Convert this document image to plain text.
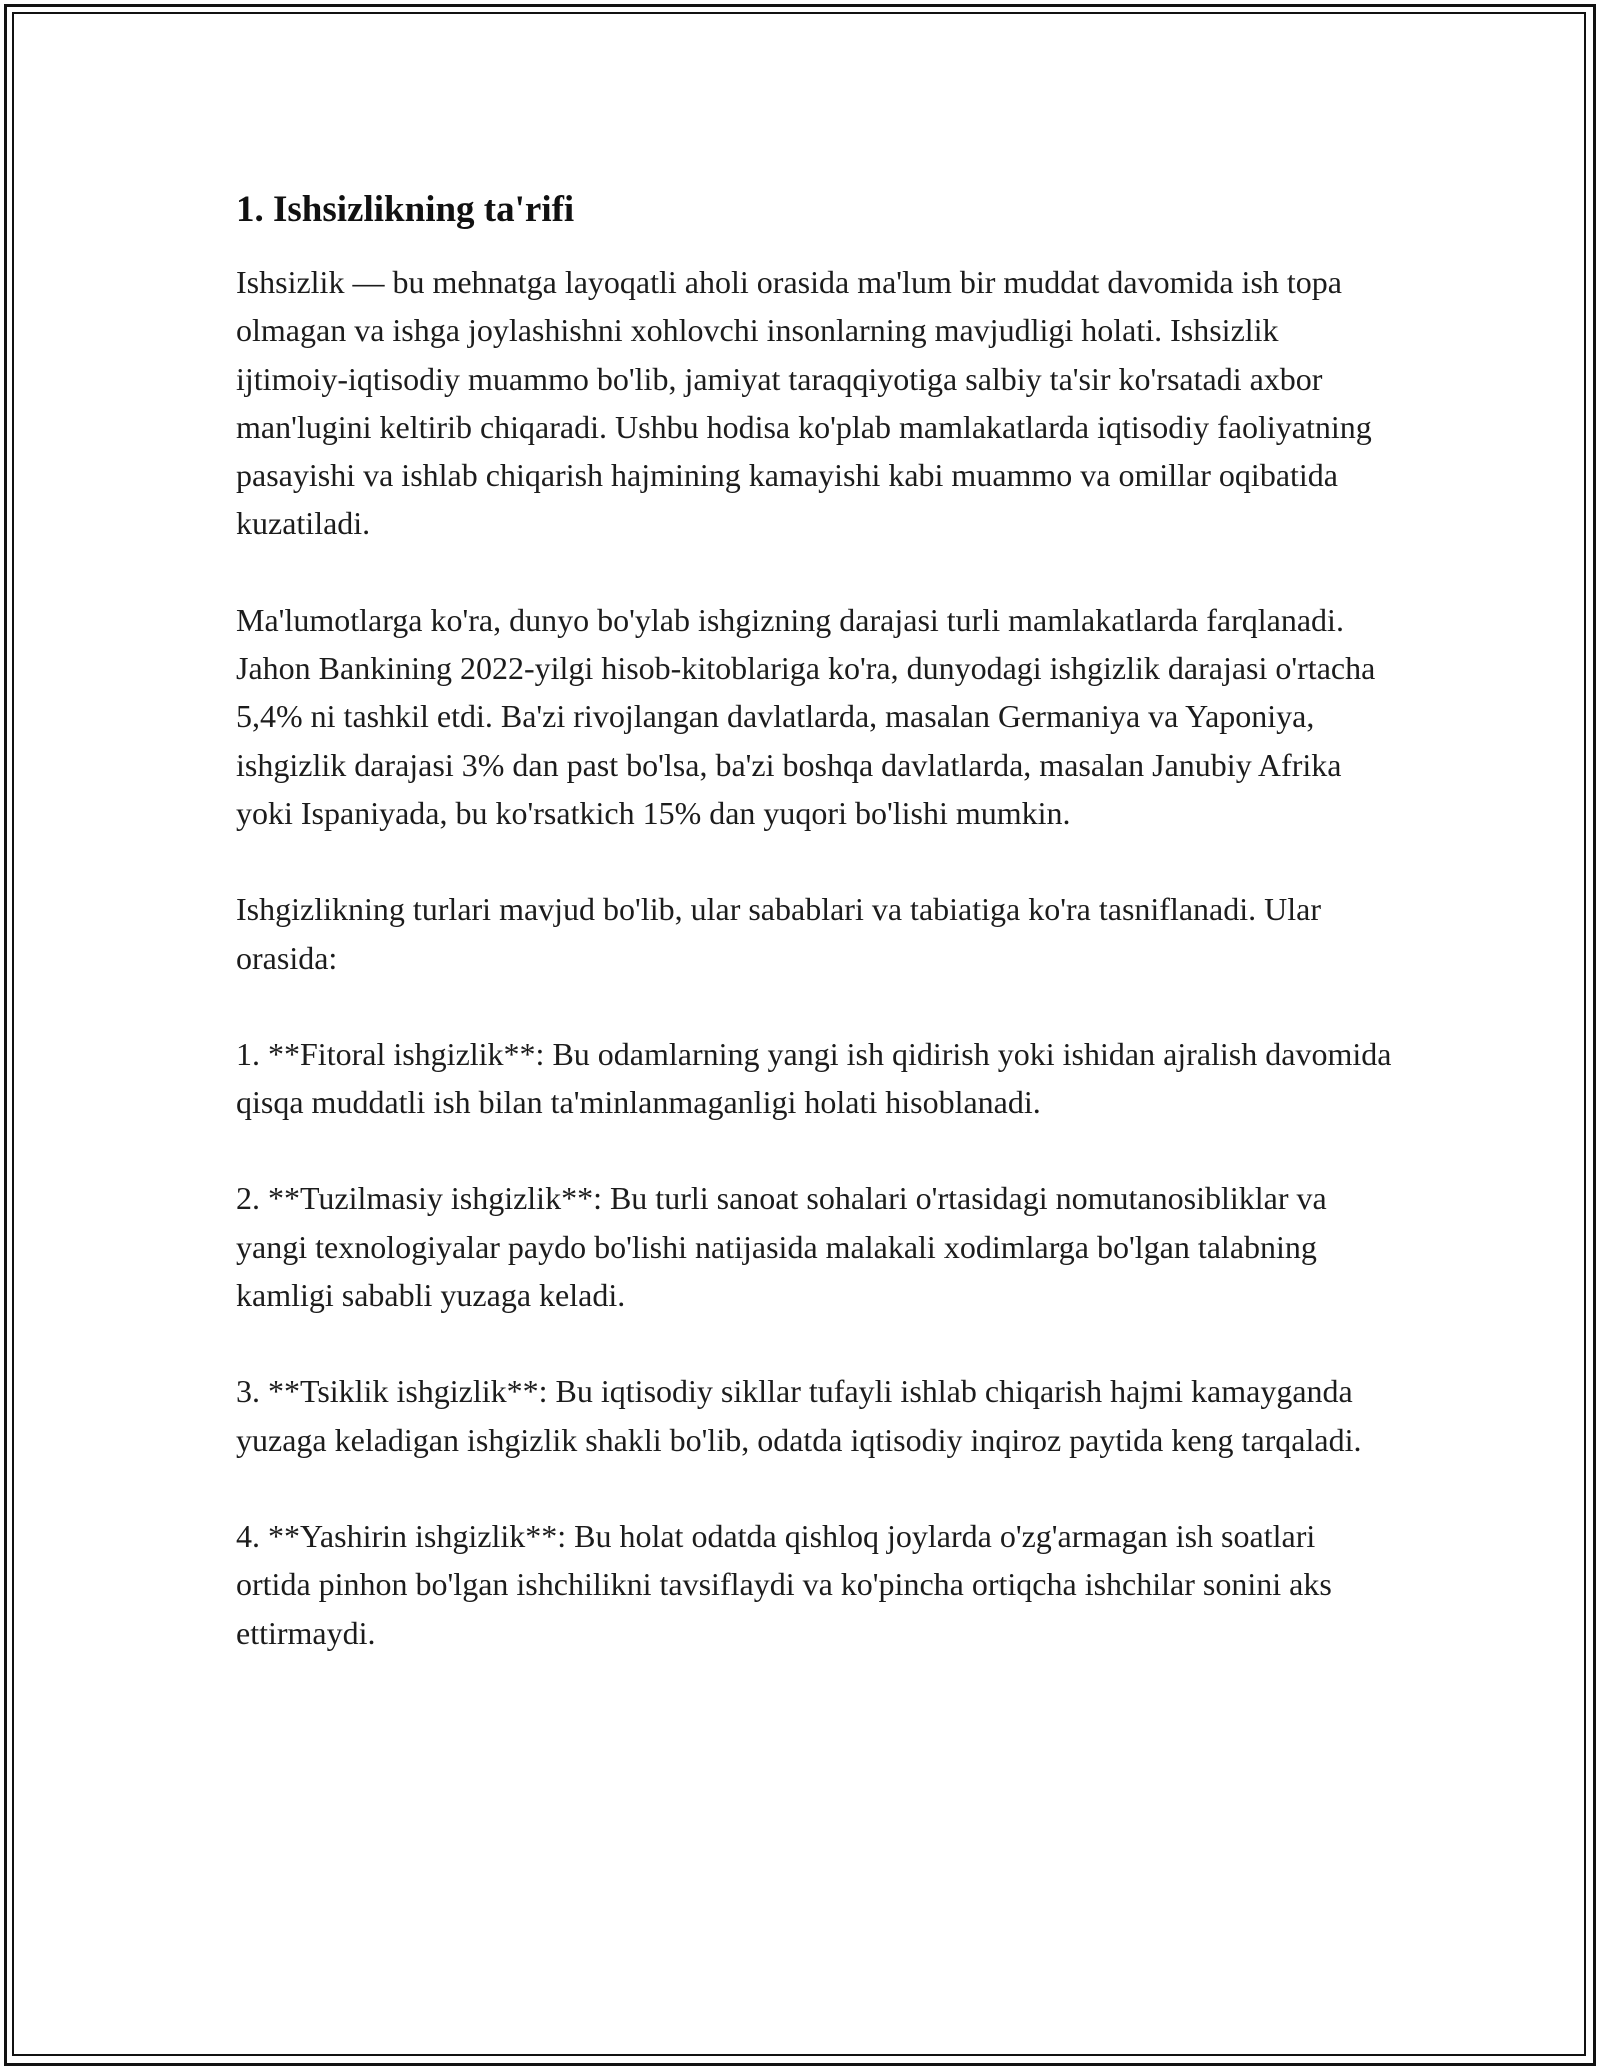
1. Ishsizlikning ta'rifi

Ishsizlik — bu mehnatga layoqatli aholi orasida ma'lum bir muddat davomida ish topa olmagan va ishga joylashishni xohlovchi insonlarning mavjudligi holati. Ishsizlik ijtimoiy-iqtisodiy muammo bo'lib, jamiyat taraqqiyotiga salbiy ta'sir ko'rsatadi axbor man'lugini keltirib chiqaradi. Ushbu hodisa ko'plab mamlakatlarda iqtisodiy faoliyatning pasayishi va ishlab chiqarish hajmining kamayishi kabi muammo va omillar oqibatida kuzatiladi.

Ma'lumotlarga ko'ra, dunyo bo'ylab ishgizning darajasi turli mamlakatlarda farqlanadi. Jahon Bankining 2022-yilgi hisob-kitoblariga ko'ra, dunyodagi ishgizlik darajasi o'rtacha 5,4% ni tashkil etdi. Ba'zi rivojlangan davlatlarda, masalan Germaniya va Yaponiya, ishgizlik darajasi 3% dan past bo'lsa, ba'zi boshqa davlatlarda, masalan Janubiy Afrika yoki Ispaniyada, bu ko'rsatkich 15% dan yuqori bo'lishi mumkin.

Ishgizlikning turlari mavjud bo'lib, ular sabablari va tabiatiga ko'ra tasniflanadi. Ular orasida:

1. **Fitoral ishgizlik**: Bu odamlarning yangi ish qidirish yoki ishidan ajralish davomida qisqa muddatli ish bilan ta'minlanmaganligi holati hisoblanadi.

2. **Tuzilmasiy ishgizlik**: Bu turli sanoat sohalari o'rtasidagi nomutanosibliklar va yangi texnologiyalar paydo bo'lishi natijasida malakali xodimlarga bo'lgan talabning kamligi sababli yuzaga keladi.

3. **Tsiklik ishgizlik**: Bu iqtisodiy sikllar tufayli ishlab chiqarish hajmi kamayganda yuzaga keladigan ishgizlik shakli bo'lib, odatda iqtisodiy inqiroz paytida keng tarqaladi.

4. **Yashirin ishgizlik**: Bu holat odatda qishloq joylarda o'zg'armagan ish soatlari ortida pinhon bo'lgan ishchilikni tavsiflaydi va ko'pincha ortiqcha ishchilar sonini aks ettirmaydi.
